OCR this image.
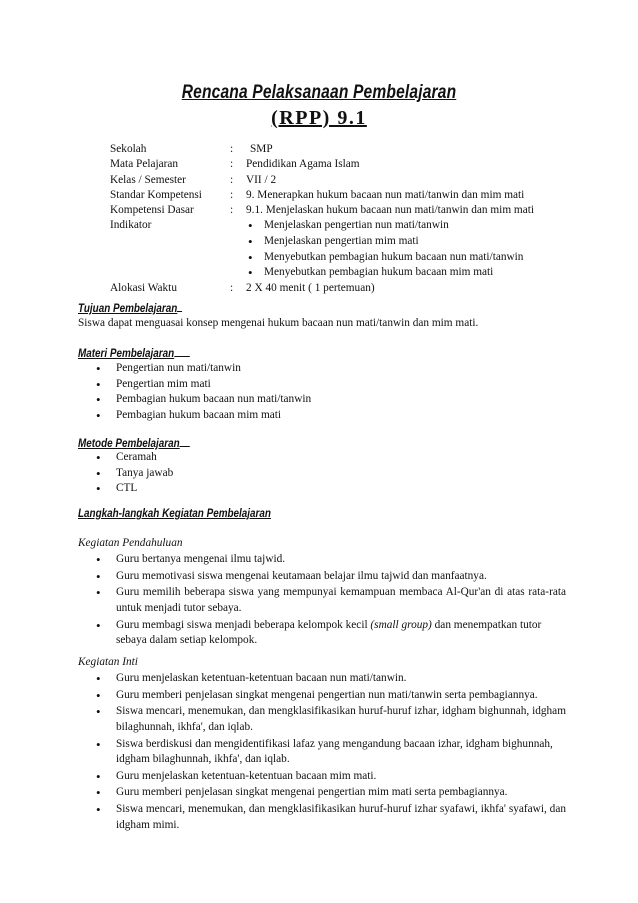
Rencana Pelaksanaan Pembelajaran
(RPP) 9.1
Sekolah	:	SMP
Mata Pelajaran	:	Pendidikan Agama Islam
Kelas / Semester	:	VII / 2
Standar Kompetensi	:	9. Menerapkan hukum bacaan nun mati/tanwin dan mim mati
Kompetensi Dasar	:	9.1. Menjelaskan hukum bacaan nun mati/tanwin dan mim mati
Indikator
•	Menjelaskan pengertian nun mati/tanwin
• Menjelaskan pengertian mim mati
• Menyebutkan pembagian hukum bacaan nun mati/tanwin
• Menyebutkan pembagian hukum bacaan mim mati
Alokasi Waktu	:	2 X 40 menit ( 1 pertemuan)
Tujuan Pembelajaran
Siswa dapat menguasai konsep mengenai hukum bacaan nun mati/tanwin dan mim mati.
Materi Pembelajaran
• Pengertian nun mati/tanwin
• Pengertian mim mati
• Pembagian hukum bacaan nun mati/tanwin
• Pembagian hukum bacaan mim mati
Metode Pembelajaran
• Ceramah
• Tanya jawab
• CTL
Langkah-langkah Kegiatan Pembelajaran
Kegiatan Pendahuluan
• Guru bertanya mengenai ilmu tajwid.
• Guru memotivasi siswa mengenai keutamaan belajar ilmu tajwid dan manfaatnya.
• Guru memilih beberapa siswa yang mempunyai kemampuan membaca Al-Qur'an di atas rata-rata untuk menjadi tutor sebaya.
• Guru membagi siswa menjadi beberapa kelompok kecil (small group) dan menempatkan tutor sebaya dalam setiap kelompok.
Kegiatan Inti
• Guru menjelaskan ketentuan-ketentuan bacaan nun mati/tanwin.
• Guru memberi penjelasan singkat mengenai pengertian nun mati/tanwin serta pembagiannya.
• Siswa mencari, menemukan, dan mengklasifikasikan huruf-huruf izhar, idgham bighunnah, idgham bilaghunnah, ikhfa', dan iqlab.
• Siswa berdiskusi dan mengidentifikasi lafaz yang mengandung bacaan izhar, idgham bighunnah, idgham bilaghunnah, ikhfa', dan iqlab.
• Guru menjelaskan ketentuan-ketentuan bacaan mim mati.
• Guru memberi penjelasan singkat mengenai pengertian mim mati serta pembagiannya.
• Siswa mencari, menemukan, dan mengklasifikasikan huruf-huruf izhar syafawi, ikhfa' syafawi, dan idgham mimi.
